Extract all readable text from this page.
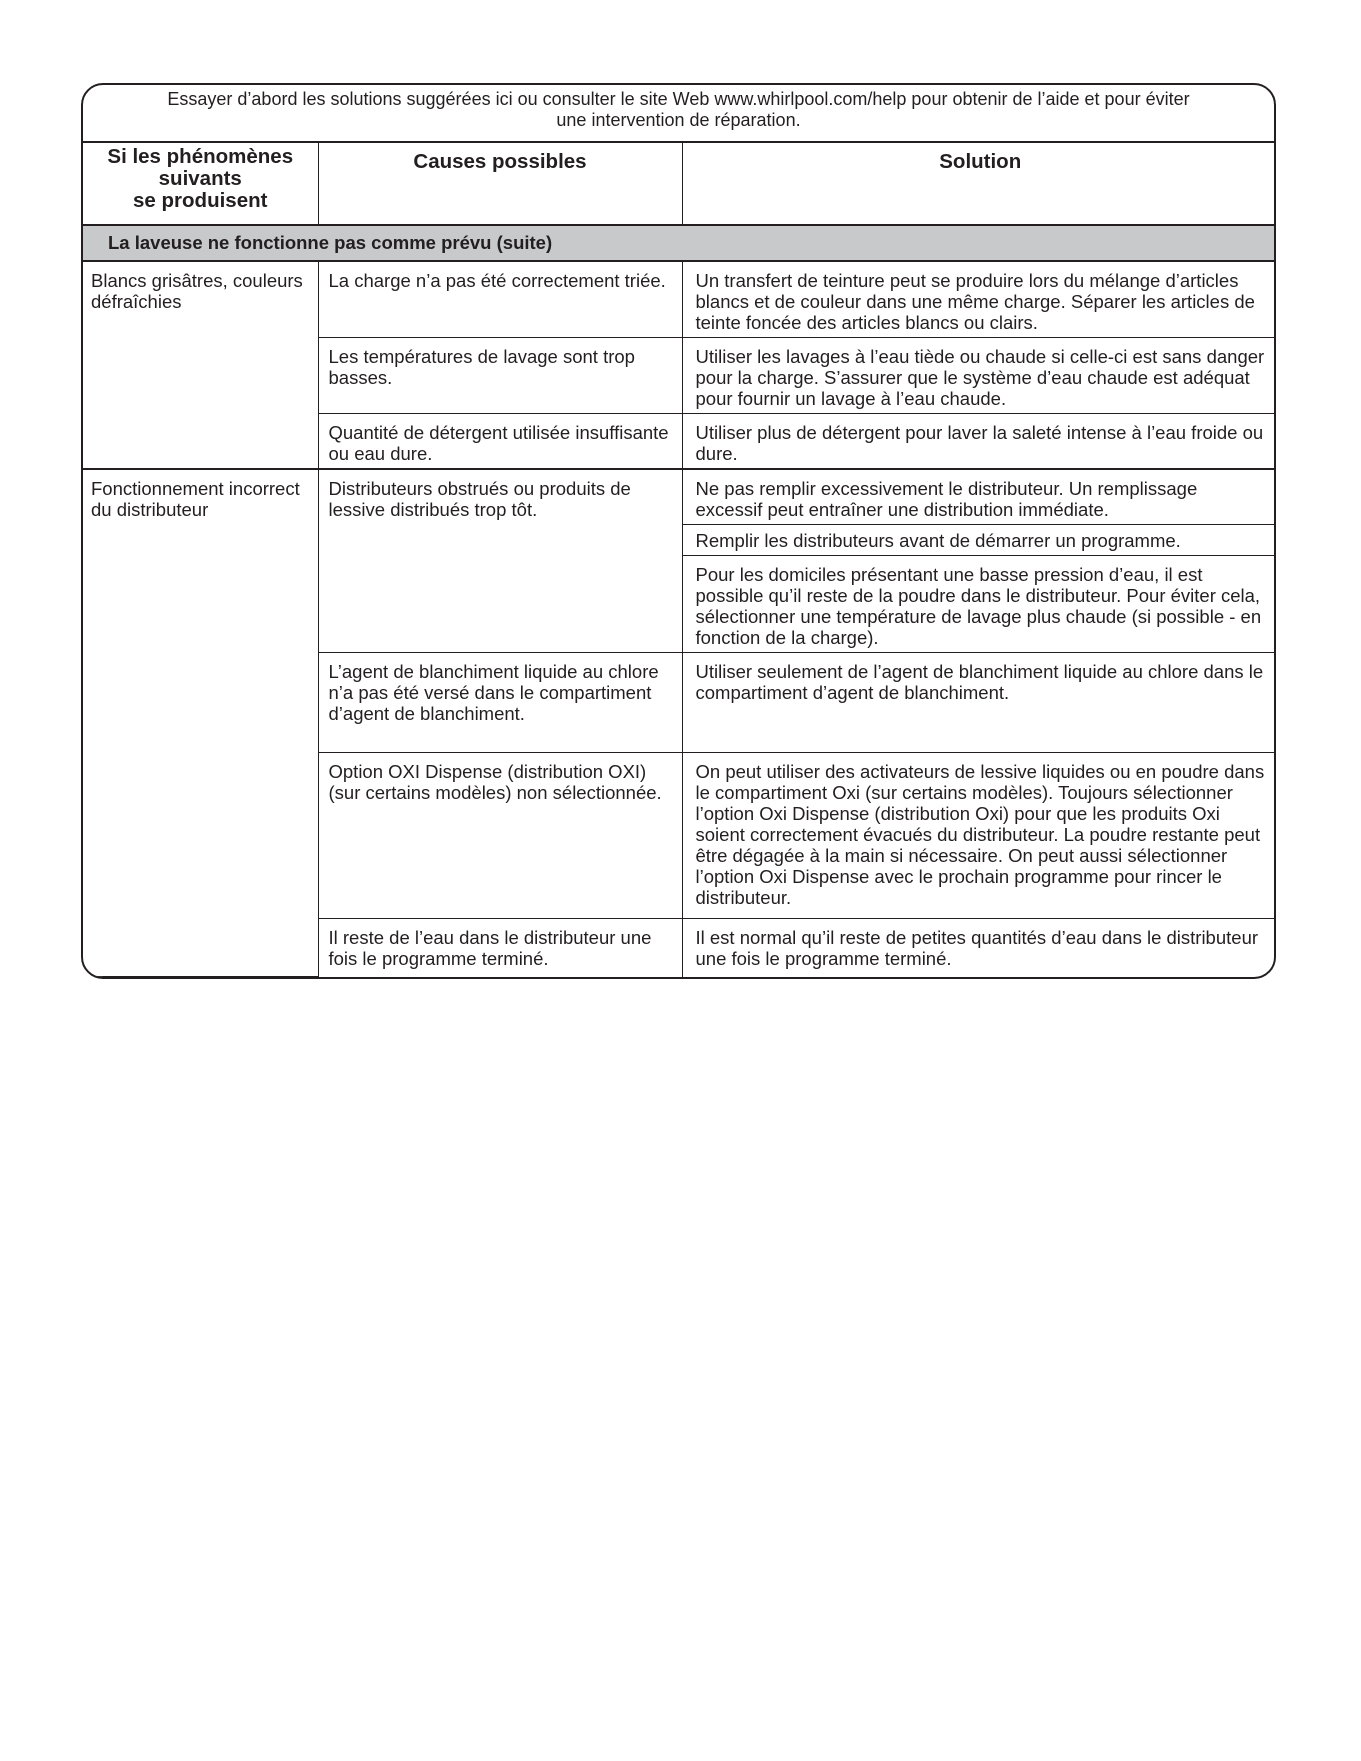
Essayer d’abord les solutions suggérées ici ou consulter le site Web www.whirlpool.com/help pour obtenir de l’aide et pour éviter
une intervention de réparation.
Si les phénomènes
suivants
se produisent	Causes possibles	Solution
La laveuse ne fonctionne pas comme prévu (suite)		
Blancs grisâtres, couleurs défraîchies	La charge n’a pas été correctement triée.	Un transfert de teinture peut se produire lors du mélange d’articles blancs et de couleur dans une même charge. Séparer les articles de teinte foncée des articles blancs ou clairs.
	Les températures de lavage sont trop basses.	Utiliser les lavages à l’eau tiède ou chaude si celle-ci est sans danger pour la charge. S’assurer que le système d’eau chaude est adéquat pour fournir un lavage à l’eau chaude.
	Quantité de détergent utilisée insuffisante ou eau dure.	Utiliser plus de détergent pour laver la saleté intense à l’eau froide ou dure.
Fonctionnement incorrect du distributeur	Distributeurs obstrués ou produits de lessive distribués trop tôt.	Ne pas remplir excessivement le distributeur. Un remplissage excessif peut entraîner une distribution immédiate.
		Remplir les distributeurs avant de démarrer un programme.
		Pour les domiciles présentant une basse pression d’eau, il est possible qu’il reste de la poudre dans le distributeur. Pour éviter cela, sélectionner une température de lavage plus chaude (si possible - en fonction de la charge).
	L’agent de blanchiment liquide au chlore n’a pas été versé dans le compartiment d’agent de blanchiment.	Utiliser seulement de l’agent de blanchiment liquide au chlore dans le compartiment d’agent de blanchiment.
	Option OXI Dispense (distribution OXI) (sur certains modèles) non sélectionnée.	On peut utiliser des activateurs de lessive liquides ou en poudre dans le compartiment Oxi (sur certains modèles). Toujours sélectionner l’option Oxi Dispense (distribution Oxi) pour que les produits Oxi soient correctement évacués du distributeur. La poudre restante peut être dégagée à la main si nécessaire. On peut aussi sélectionner l’option Oxi Dispense avec le prochain programme pour rincer le distributeur.
	Il reste de l’eau dans le distributeur une fois le programme terminé.	Il est normal qu’il reste de petites quantités d’eau dans le distributeur une fois le programme terminé.
